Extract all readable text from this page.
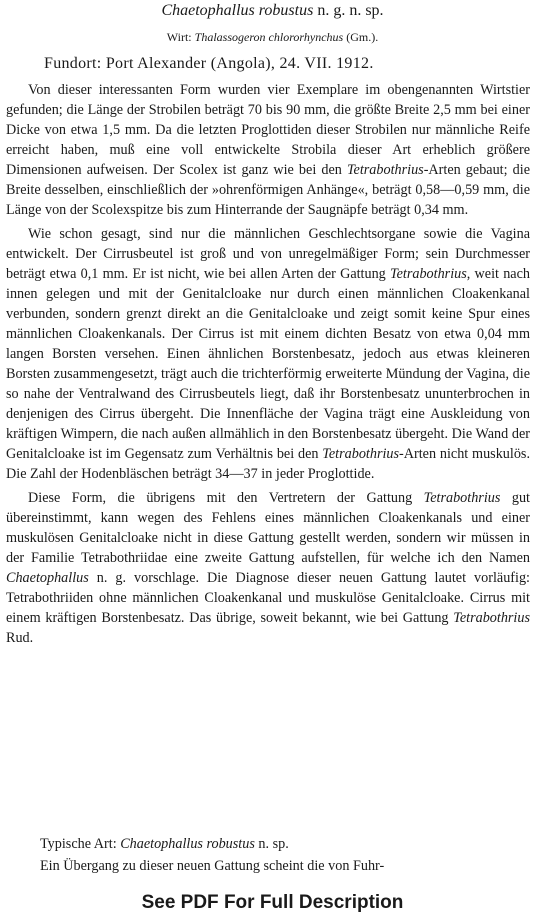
Chaetophallus robustus n. g. n. sp.
Wirt: Thalassogeron chlororhynchus (Gm.).
Fundort: Port Alexander (Angola), 24. VII. 1912.

Von dieser interessanten Form wurden vier Exemplare im obengenannten Wirtstier gefunden; die Länge der Strobilen beträgt 70 bis 90 mm, die größte Breite 2,5 mm bei einer Dicke von etwa 1,5 mm. Da die letzten Proglottiden dieser Strobilen nur männliche Reife erreicht haben, muß eine voll entwickelte Strobila dieser Art erheblich größere Dimensionen aufweisen. Der Scolex ist ganz wie bei den Tetrabothrius-Arten gebaut; die Breite desselben, einschließlich der »ohrenförmigen Anhänge«, beträgt 0,58—0,59 mm, die Länge von der Scolexspitze bis zum Hinterrande der Saugnäpfe beträgt 0,34 mm.

Wie schon gesagt, sind nur die männlichen Geschlechtsorgane sowie die Vagina entwickelt. Der Cirrusbeutel ist groß und von unregelmäßiger Form; sein Durchmesser beträgt etwa 0,1 mm. Er ist nicht, wie bei allen Arten der Gattung Tetrabothrius, weit nach innen gelegen und mit der Genitalcloake nur durch einen männlichen Cloakenkanal verbunden, sondern grenzt direkt an die Genitalcloake und zeigt somit keine Spur eines männlichen Cloakenkanals. Der Cirrus ist mit einem dichten Besatz von etwa 0,04 mm langen Borsten versehen. Einen ähnlichen Borstenbesatz, jedoch aus etwas kleineren Borsten zusammengesetzt, trägt auch die trichterförmig erweiterte Mündung der Vagina, die so nahe der Ventralwand des Cirrusbeutels liegt, daß ihr Borstenbesatz ununterbrochen in denjenigen des Cirrus übergeht. Die Innenfläche der Vagina trägt eine Auskleidung von kräftigen Wimpern, die nach außen allmählich in den Borstenbesatz übergeht. Die Wand der Genitalcloake ist im Gegensatz zum Verhältnis bei den Tetrabothrius-Arten nicht muskulös. Die Zahl der Hodenbläschen beträgt 34—37 in jeder Proglottide.

Diese Form, die übrigens mit den Vertretern der Gattung Tetrabothrius gut übereinstimmt, kann wegen des Fehlens eines männlichen Cloakenkanals und einer muskulösen Genitalcloake nicht in diese Gattung gestellt werden, sondern wir müssen in der Familie Tetrabothriidae eine zweite Gattung aufstellen, für welche ich den Namen Chaetophallus n. g. vorschlage. Die Diagnose dieser neuen Gattung lautet vorläufig: Tetrabothriiden ohne männlichen Cloakenkanal und muskulöse Genitalcloake. Cirrus mit einem kräftigen Borstenbesatz. Das übrige, soweit bekannt, wie bei Gattung Tetrabothrius Rud.

Typische Art: Chaetophallus robustus n. sp.
Ein Übergang zu dieser neuen Gattung scheint die von Fuhr-
See PDF For Full Description
